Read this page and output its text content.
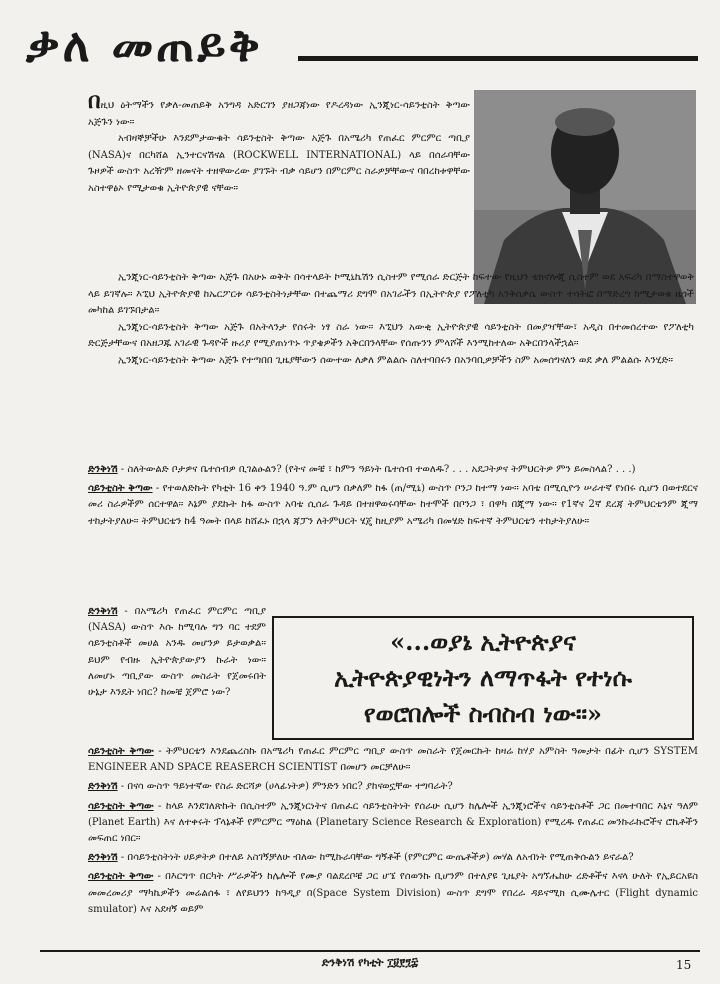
ቃለ መጠይቅ

በዚህ ዕትማችን የቃለ-መጠይቅ አንግዳ አድርገን ያዘጋጃነው የዶረዳነው ኢንጂነር-ሳይንቲስት ቅጣው አጅጉን ነው።

አብዛኞቻችሁ እንደምታውቁት ሳይንቲስት ቅጣው አጅጉ በአሜሪካ የጠፈር ምርምር ጣቢያ (NASA)ና በርካሸል ኢንተርናሽናል (ROCKWELL INTERNATIONAL) ላይ በሰራባቸው ጉዞዎች ውስጥ አረዥም ዘመናት ተዘዋውረው ያገኙት ብቃ ሳይሆን በምርምር ስራዎቻቸውና ባበረከቱዋቸው አስተዋፅኦ የሚታወቁ ኢትዮጵያዊ ናቸው።

ኢንጂነር-ሳይንቲስት ቅጣው አጅጉ በአሁኑ ወቅት በሳተላይት ኮሚኒኬሽን ሲስተም የሚሰራ ድርጅት ከፍተው የዚህን ቴክኖሎጂ ሲስተም ወደ አፍሪካ በማስተዋወቅ ላይ ይገኛሉ። እኚህ ኢትዮጵያዊ ከኤርፖርቱ ሳይንቲስትነታቸው በተጨማሪ ደግሞ በአገራችን በኢትዮጵያ የፖለቲካ አንቅስቃሴ ውስጥ ተሳትፎ በማድረግ ከሚታወቁ ዜጎች መካከል ይገኙበታል።

ኢንጂነር-ሳይንቲስት ቅጣው አጅጉ በአትላንታ የሰሩት ነፃ ስራ ነው። እኚህን አውቂ ኢትዮጵያዊ ሳይንቲስት በመያዣቸው፣ አዲስ በተመሰረተው የፖለቲካ ድርጅታቸውና በአዘጋጁ አገራዊ ጉዳዮች ዙሪያ የሚያጠነጥኑ ጥያቄዎችን አቅርበንላቸው የሰጡንን ምላሾች እንሚከተለው አቅርበንላችኋል።

ኢንጂነር-ሳይንቲስት ቅጣው አጅጉ የተጣበበ ጊዜያቸውን ሰውተው ለቃለ ምልልሱ ስለተባበሩን በአንባቢዎቻችን ስም አመሰግናለን ወደ ቃለ ምልልሱ እንሂድ።

ድንቅነሽ - ስለትውልድ ቦታዎና ቤተሰብዎ ቢገልፁልን? (የትና መቼ ፣ ከምን ዓይነት ቤተሰብ ተወለዱ? . . . አደጋትዎና ትምህርትዎ ምን ይመስላል? . . .)

ሳይንቲስት ቅጣው - የተወለድኩት የካቲት 16 ቀን 1940 ዓ.ም ሲሆን በቃለም ከፋ (ጠ/ሚኒ) ውስጥ ቦንጋ ከተማ ነው። አባቴ በሚሲዮን ሠራተኛ የነበሩ ሲሆን በወተደርና መሪ ስራዎችም ሰርተዋል። እኔም ያደኩት ከፋ ውስጥ አባቴ ሲሰራ ጉዳይ በተዘዋወሩባቸው ከተሞች በቦንጋ ፣ በዋካ በጂማ ነው። የ1ኛና 2ኛ ደረጃ ትምህርቴንም ጂማ ተከታትያለሁ። ትምህርቴን ከ4 ዓመት በላይ ከሸፈኑ በኋላ ጃፓን ለትምህርት ሄጄ ከዚያም አሜሪካ በመሄድ ከፍተኛ ትምህርቴን ተከታትያለሁ።

ድንቅነሽ - በአሜሪካ የጠፈር ምርምር ጣቢያ (NASA) ውስጥ እሱ ከሚባሉ ግን ባር ተደም ሳይንቲስቶች መሀል አንዱ መሆንዎ ይታወቃል። ይህም የብዙ ኢትዮጵያውያን ኩራት ነው። ለመሆኑ ጣቢያው ውስጥ መስራት የጀመሩበት ሁኔታ እንዴት ነበር? ከመቼ ጀምሮ ነው?

«...ወያኔ ኢትዮጵያና
ኢትዮጵያዊነትን ለማጥፋት የተነሱ
የወሮበሎች ስብስብ ነው።»

ሳይንቲስት ቅጣው - ትምህርቴን እንደጨረስኩ በአሜሪካ የጠፈር ምርምር ጣቢያ ውስጥ መስራት የጀመርኩት ከዛሬ ከሃያ አምስት ዓመታት በፊት ሲሆን SYSTEM ENGINEER AND SPACE REASERCH SCIENTIST በመሆን መርቻለሁ።

ድንቅነሽ - በናሳ ውስጥ ዓይነተኛው የስራ ድርሻዎ (ሀላፊነትዎ) ምንድን ነበር? ያከናወኗቸው ተግባራት?

ሳይንቲስት ቅጣው - ከላይ እንደገለጽኩት በሲስተም ኢንጂነርነትና በጠፈር ሳይንቲስትነት የሰራሁ ሲሆን ከሌሎች ኢንጂነሮችና ሳይንቲስቶች ጋር በመተባበር እኔና ዓለም (Planet Earth) እና ለተቀሩት ፕላኔቶች የምርምር ማዕከል (Planetary Science Research & Exploration) የሚረዱ የጠፈር መንኩራኩሮችና ሮኬቶችን መፍጠር ነበር።

ድንቅነሽ - በሳይንቲስትነት ሀይዎትዎ በተለይ አስገኝቻለሁ ብለው ከሚኩራባቸው ግኝቶች (የምርምር ውጤቶችዎ) መሃል ለአብነት የሚጠቅሱልን ይኖራል?

ሳይንቲስት ቅጣው - በእርግጥ በርካት ሥራዎችን ከሌሎች የሙያ ባልደረቦቼ ጋር ሆኜ የሰወንኩ ቢሆንም በተለያዩ ጊዜያት አግኘሔከሁ ረድቶችና እናላ ሁለት የኢይርአዩስ መመረመሪያ ማካኬዎችን መሬልሰፋ ፣ ለየይህንን ከዓዲያ በ(Space System Division) ውስጥ ደግሞ የበረራ ዳይናሚክ ሲሙሌተር (Flight dynamic smulator) እና አደዛኝ ወይም

ድንቅነሽ የካቲት ፲፱፻፺፰	15
